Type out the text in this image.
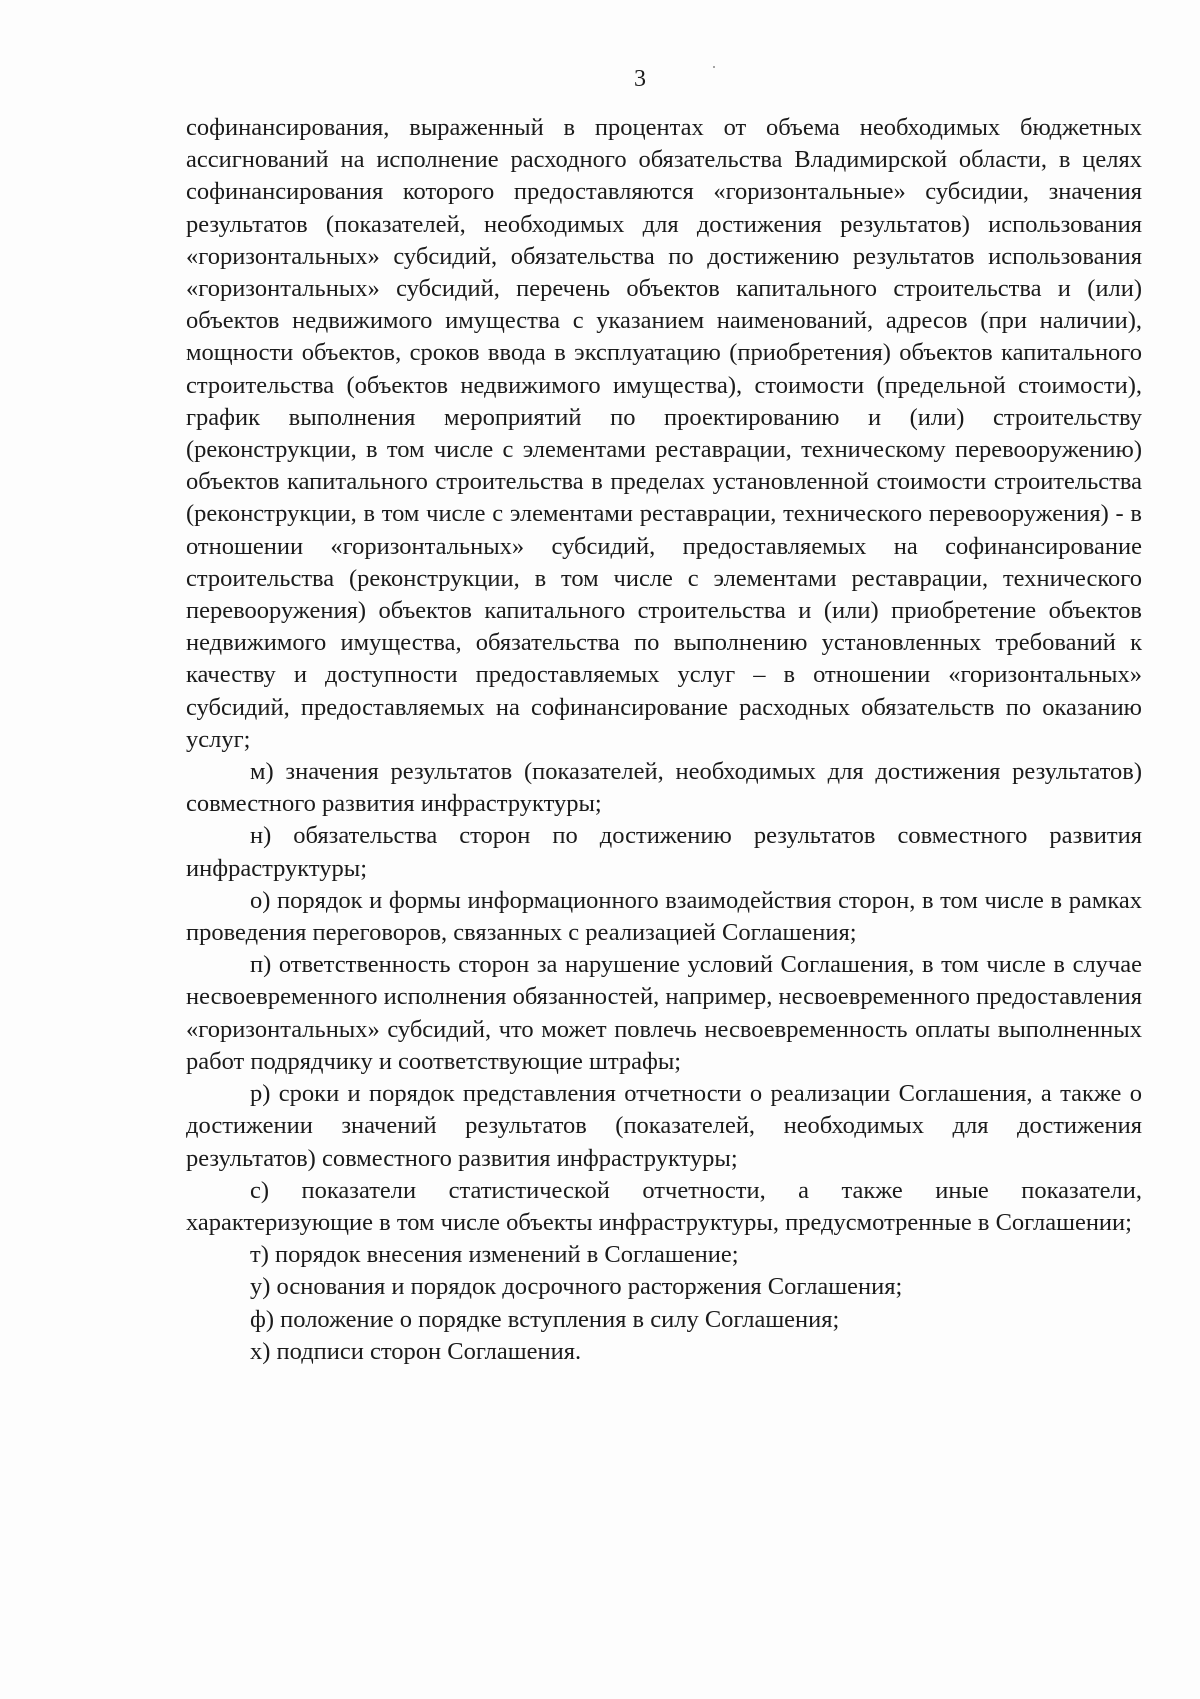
3

софинансирования, выраженный в процентах от объема необходимых бюджетных ассигнований на исполнение расходного обязательства Владимирской области, в целях софинансирования которого предоставляются «горизонтальные» субсидии, значения результатов (показателей, необходимых для достижения результатов) использования «горизонтальных» субсидий, обязательства по достижению результатов использования «горизонтальных» субсидий, перечень объектов капитального строительства и (или) объектов недвижимого имущества с указанием наименований, адресов (при наличии), мощности объектов, сроков ввода в эксплуатацию (приобретения) объектов капитального строительства (объектов недвижимого имущества), стоимости (предельной стоимости), график выполнения мероприятий по проектированию и (или) строительству (реконструкции, в том числе с элементами реставрации, техническому перевооружению) объектов капитального строительства в пределах установленной стоимости строительства (реконструкции, в том числе с элементами реставрации, технического перевооружения) - в отношении «горизонтальных» субсидий, предоставляемых на софинансирование строительства (реконструкции, в том числе с элементами реставрации, технического перевооружения) объектов капитального строительства и (или) приобретение объектов недвижимого имущества, обязательства по выполнению установленных требований к качеству и доступности предоставляемых услуг – в отношении «горизонтальных» субсидий, предоставляемых на софинансирование расходных обязательств по оказанию услуг;

м) значения результатов (показателей, необходимых для достижения результатов) совместного развития инфраструктуры;

н) обязательства сторон по достижению результатов совместного развития инфраструктуры;

о) порядок и формы информационного взаимодействия сторон, в том числе в рамках проведения переговоров, связанных с реализацией Соглашения;

п) ответственность сторон за нарушение условий Соглашения, в том числе в случае несвоевременного исполнения обязанностей, например, несвоевременного предоставления «горизонтальных» субсидий, что может повлечь несвоевременность оплаты выполненных работ подрядчику и соответствующие штрафы;

р) сроки и порядок представления отчетности о реализации Соглашения, а также о достижении значений результатов (показателей, необходимых для достижения результатов) совместного развития инфраструктуры;

с) показатели статистической отчетности, а также иные показатели, характеризующие в том числе объекты инфраструктуры, предусмотренные в Соглашении;

т) порядок внесения изменений в Соглашение;

у) основания и порядок досрочного расторжения Соглашения;

ф) положение о порядке вступления в силу Соглашения;

х) подписи сторон Соглашения.
